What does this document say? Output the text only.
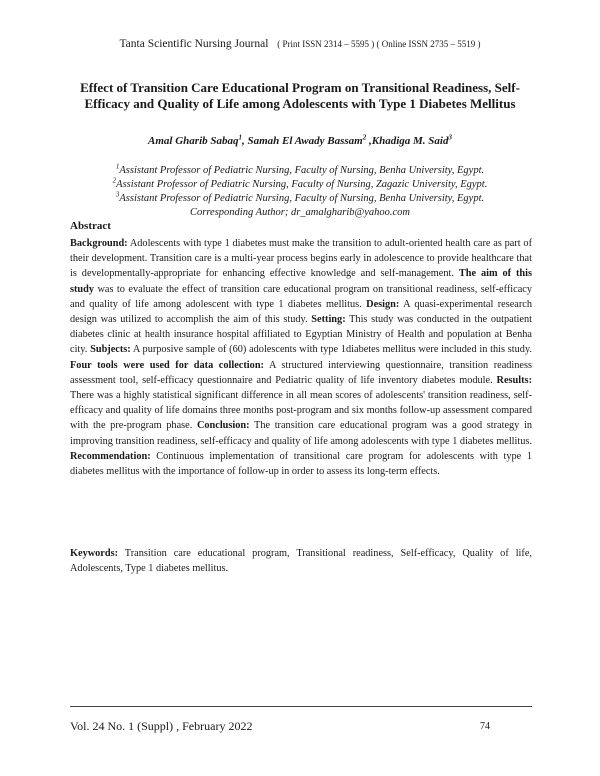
Tanta Scientific Nursing Journal ( Print ISSN 2314 – 5595 ) ( Online ISSN 2735 – 5519 )
Effect of Transition Care Educational Program on Transitional Readiness, Self-Efficacy and Quality of Life among Adolescents with Type 1 Diabetes Mellitus
Amal Gharib Sabaq$^1$, Samah El Awady Bassam$^2$ ,Khadiga M. Said$^3$
$^1$Assistant Professor of Pediatric Nursing, Faculty of Nursing, Benha University, Egypt.
$^2$Assistant Professor of Pediatric Nursing, Faculty of Nursing, Zagazic University, Egypt.
$^3$Assistant Professor of Pediatric Nursing, Faculty of Nursing, Benha University, Egypt.
Corresponding Author; dr_amalgharib@yahoo.com
Abstract
Background: Adolescents with type 1 diabetes must make the transition to adult-oriented health care as part of their development. Transition care is a multi-year process begins early in adolescence to provide healthcare that is developmentally-appropriate for enhancing effective knowledge and self-management. The aim of this study was to evaluate the effect of transition care educational program on transitional readiness, self-efficacy and quality of life among adolescent with type 1 diabetes mellitus. Design: A quasi-experimental research design was utilized to accomplish the aim of this study. Setting: This study was conducted in the outpatient diabetes clinic at health insurance hospital affiliated to Egyptian Ministry of Health and population at Benha city. Subjects: A purposive sample of (60) adolescents with type 1diabetes mellitus were included in this study. Four tools were used for data collection: A structured interviewing questionnaire, transition readiness assessment tool, self-efficacy questionnaire and Pediatric quality of life inventory diabetes module. Results: There was a highly statistical significant difference in all mean scores of adolescents' transition readiness, self-efficacy and quality of life domains three months post-program and six months follow-up assessment compared with the pre-program phase. Conclusion: The transition care educational program was a good strategy in improving transition readiness, self-efficacy and quality of life among adolescents with type 1 diabetes mellitus. Recommendation: Continuous implementation of transitional care program for adolescents with type 1 diabetes mellitus with the importance of follow-up in order to assess its long-term effects.
Keywords: Transition care educational program, Transitional readiness, Self-efficacy, Quality of life, Adolescents, Type 1 diabetes mellitus.
Vol. 24 No. 1 (Suppl) , February 2022	74
